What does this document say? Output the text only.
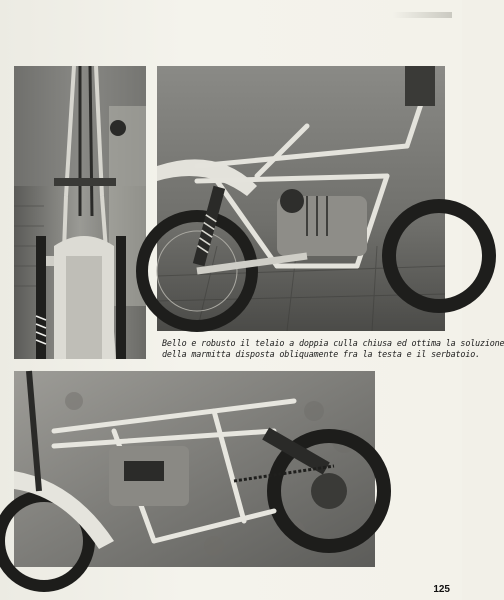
Bello e robusto il telaio a doppia culla chiusa ed ottima la soluzione
della marmitta disposta obliquamente fra la testa e il serbatoio.
125
